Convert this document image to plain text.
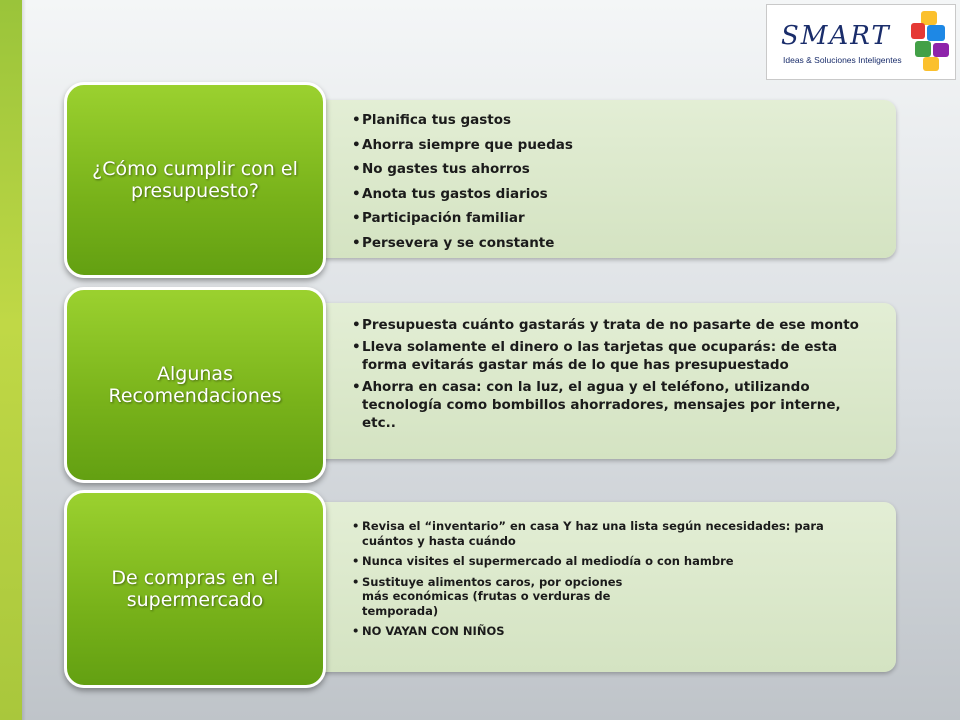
SMART
Ideas & Soluciones Inteligentes
• Planifica tus gastos
• Ahorra siempre que puedas
• No gastes tus ahorros
• Anota tus gastos diarios
• Participación familiar
• Persevera y se constante
¿Cómo cumplir con el presupuesto?
• Presupuesta cuánto gastarás y trata de no pasarte de ese monto
• Lleva solamente el dinero o las tarjetas que ocuparás: de esta forma evitarás gastar más de lo que has presupuestado
• Ahorra en casa: con la luz, el agua y el teléfono, utilizando tecnología como bombillos ahorradores, mensajes por interne, etc..
Algunas Recomendaciones
• Revisa el “inventario” en casa Y haz una lista según necesidades: para cuántos y hasta cuándo
• Nunca visites el supermercado al mediodía o con hambre
• Sustituye alimentos caros, por opciones más económicas (frutas o verduras de temporada)
• NO VAYAN CON NIÑOS
De compras en el supermercado
